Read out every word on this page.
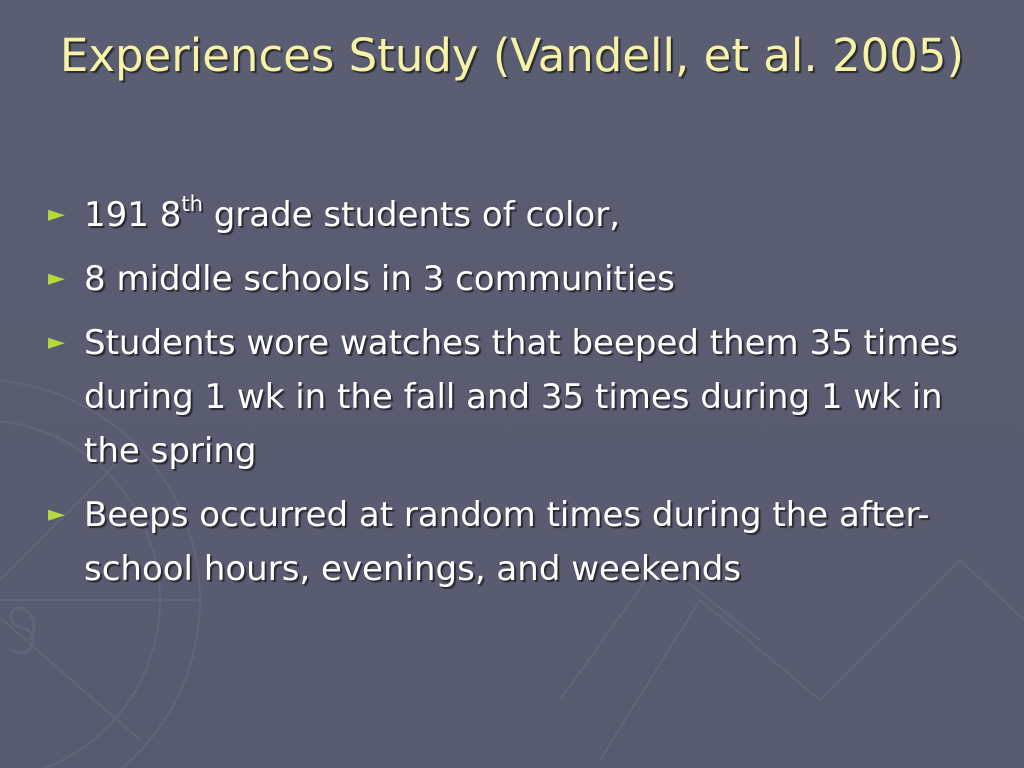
Experiences Study (Vandell, et al. 2005)
► 191 8th grade students of color,
► 8 middle schools in 3 communities
► Students wore watches that beeped them 35 times during 1 wk in the fall and 35 times during 1 wk in the spring
► Beeps occurred at random times during the after-school hours, evenings, and weekends
